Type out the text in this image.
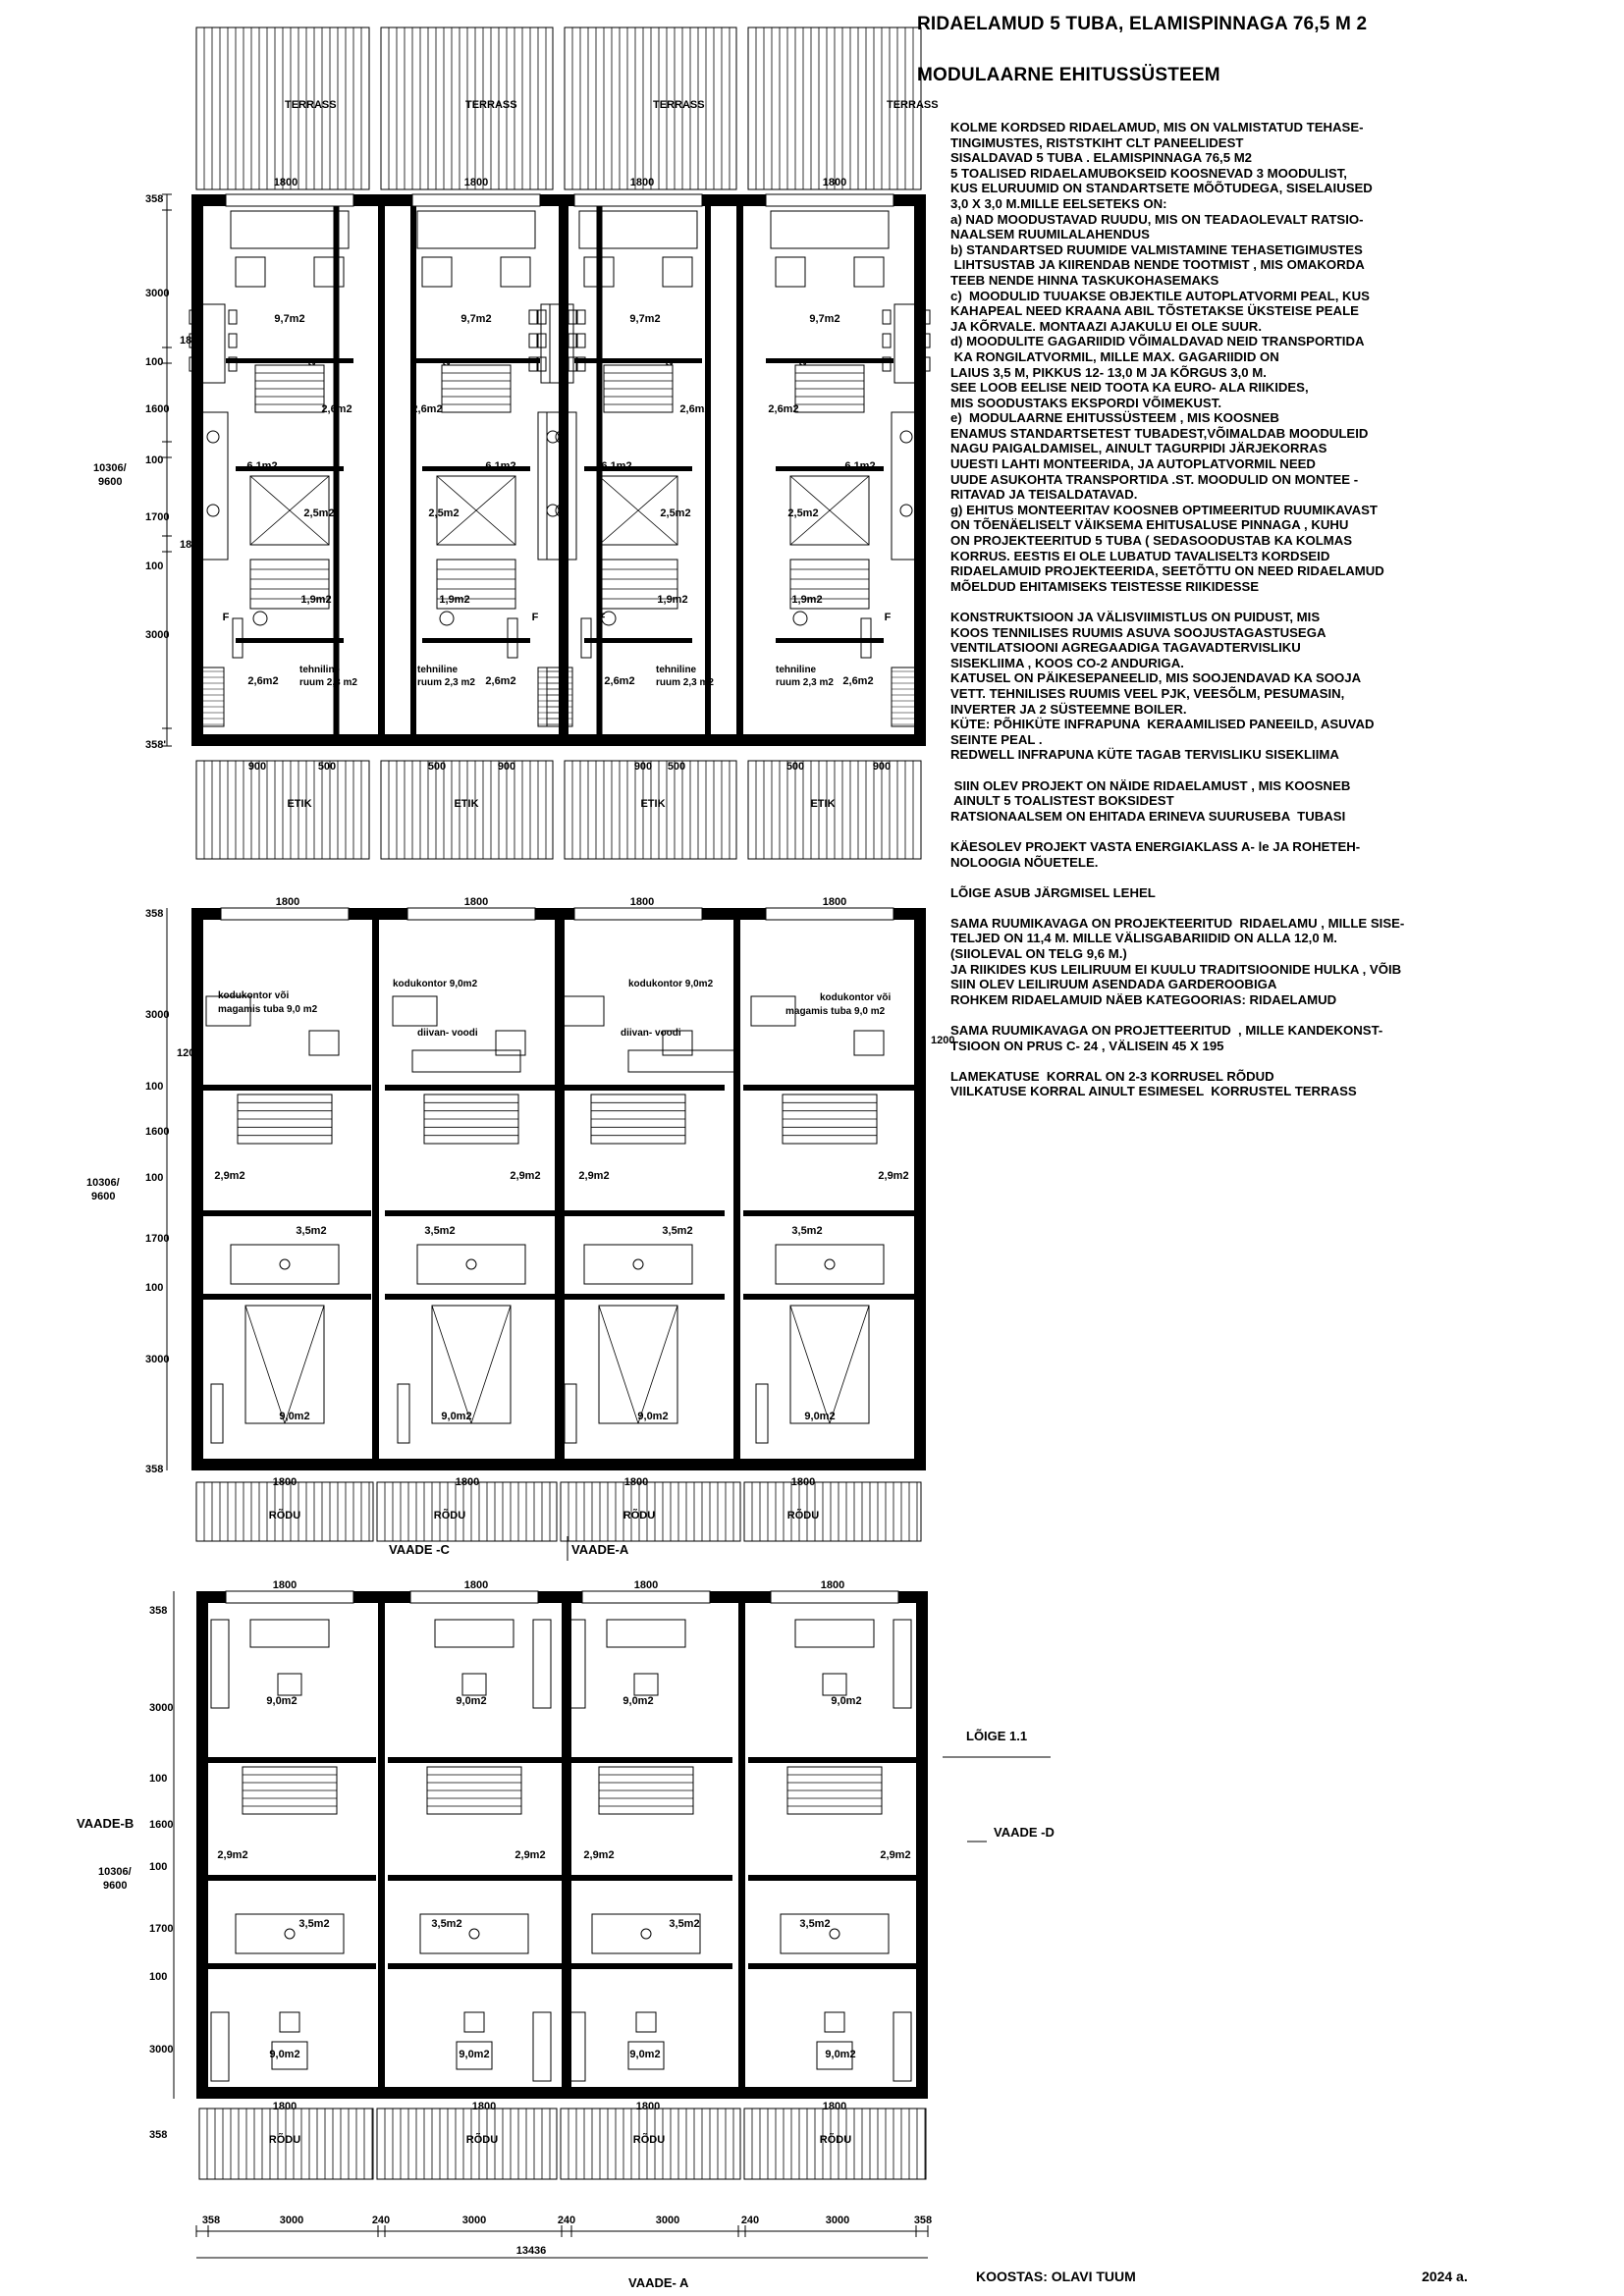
358
3000
100
1600
100
1700
100
3000
358'
10306/
9600
1800
1800
TERRASS	TERRASS	TERRASS	TERRASS
1800	1800	1800	1800
9,7m2	9,7m2	9,7m2	9,7m2
tv	tv	tv	tv
2,6m2	2,6m2	2,6m2	2,6m2
6,1m2	6,1m2	6,1m2	6,1m2
2,5m2	2,5m2	2,5m2	2,5m2
1,9m2	1,9m2	1,9m2	1,9m2
F	F	F	F
2,6m2	2,6m2	2,6m2	2,6m2
tehniline
ruum 2,3 m2
tehniline
ruum 2,3 m2
tehniline
ruum 2,3 m2
tehniline
ruum 2,3 m2
900	500	500	900	900 500	500	900
ETIK	ETIK	ETIK	ETIK
358
3000
100
1600
100
1700
100
3000
358
10306/
9600
1200
1200
1800	1800	1800	1800
kodukontor või
magamis tuba 9,0 m2
kodukontor või
magamis tuba 9,0 m2
kodukontor 9,0m2	kodukontor 9,0m2
diivan- voodi	diivan- voodi
2,9m2	2,9m2	2,9m2	2,9m2
3,5m2	3,5m2	3,5m2	3,5m2
9,0m2	9,0m2	9,0m2	9,0m2
1800	1800	1800	1800
RÕDU	RÕDU	RÕDU	RÕDU
VAADE -C	VAADE-A
LÕIGE 1.1
VAADE -D
VAADE-B
VAADE- A
358
3000
100
1600
100
1700
100
3000
358
10306/
9600
1800	1800	1800	1800
9,0m2	9,0m2	9,0m2	9,0m2
2,9m2	2,9m2	2,9m2	2,9m2
3,5m2	3,5m2	3,5m2	3,5m2
9,0m2	9,0m2	9,0m2	9,0m2
1800	1800	1800	1800
RÕDU	RÕDU	RÕDU	RÕDU
358	3000	240	3000	240	3000	240	3000	358
13436
RIDAELAMUD 5 TUBA, ELAMISPINNAGA 76,5 M 2
MODULAARNE EHITUSSÜSTEEM
KOLME KORDSED RIDAELAMUD, MIS ON VALMISTATUD TEHASE-
TINGIMUSTES, RISTSTKIHT CLT PANEELIDEST
SISALDAVAD 5 TUBA . ELAMISPINNAGA 76,5 M2
5 TOALISED RIDAELAMUBOKSEID KOOSNEVAD 3 MOODULIST,
KUS ELURUUMID ON STANDARTSETE MÕÕTUDEGA, SISELAIUSED
3,0 X 3,0 M.MILLE EELSETEKS ON:
a) NAD MOODUSTAVAD RUUDU, MIS ON TEADAOLEVALT RATSIO-
NAALSEM RUUMILALAHENDUS
b) STANDARTSED RUUMIDE VALMISTAMINE TEHASETIGIMUSTES
LIHTSUSTAB JA KIIRENDAB NENDE TOOTMIST , MIS OMAKORDA
TEEB NENDE HINNA TASKUKOHASEMAKS
c)  MOODULID TUUAKSE OBJEKTILE AUTOPLATVORMI PEAL, KUS
KAHAPEAL NEED KRAANA ABIL TÕSTETAKSE ÜKSTEISE PEALE
JA KÕRVALE. MONTAAZI AJAKULU EI OLE SUUR.
d) MOODULITE GAGARIIDID VÕIMALDAVAD NEID TRANSPORTIDA
KA RONGILATVORMIL, MILLE MAX. GAGARIIDID ON
LAIUS 3,5 M, PIKKUS 12- 13,0 M JA KÕRGUS 3,0 M.
SEE LOOB EELISE NEID TOOTA KA EURO- ALA RIIKIDES,
MIS SOODUSTAKS EKSPORDI VÕIMEKUST.
e)  MODULAARNE EHITUSSÜSTEEM , MIS KOOSNEB
ENAMUS STANDARTSETEST TUBADEST,VÕIMALDAB MOODULEID
NAGU PAIGALDAMISEL, AINULT TAGURPIDI JÄRJEKORRAS
UUESTI LAHTI MONTEERIDA, JA AUTOPLATVORMIL NEED
UUDE ASUKOHTA TRANSPORTIDA .ST. MOODULID ON MONTEE -
RITAVAD JA TEISALDATAVAD.
g) EHITUS MONTEERITAV KOOSNEB OPTIMEERITUD RUUMIKAVAST
ON TÕENÄELISELT VÄIKSEMA EHITUSALUSE PINNAGA , KUHU
ON PROJEKTEERITUD 5 TUBA ( SEDASOODUSTAB KA KOLMAS
KORRUS. EESTIS EI OLE LUBATUD TAVALISELT3 KORDSEID
RIDAELAMUID PROJEKTEERIDA, SEETÕTTU ON NEED RIDAELAMUD
MÕELDUD EHITAMISEKS TEISTESSE RIIKIDESSE
KONSTRUKTSIOON JA VÄLISVIIMISTLUS ON PUIDUST, MIS
KOOS TENNILISES RUUMIS ASUVA SOOJUSTAGASTUSEGA
VENTILATSIOONI AGREGAADIGA TAGAVADTERVISLIKU
SISEKLIIMA , KOOS CO-2 ANDURIGA.
KATUSEL ON PÄIKESEPANEELID, MIS SOOJENDAVAD KA SOOJA
VETT. TEHNILISES RUUMIS VEEL PJK, VEESÕLM, PESUMASIN,
INVERTER JA 2 SÜSTEEMNE BOILER.
KÜTE: PÕHIKÜTE INFRAPUNA  KERAAMILISED PANEEILD, ASUVAD
SEINTE PEAL .
REDWELL INFRAPUNA KÜTE TAGAB TERVISLIKU SISEKLIIMA
SIIN OLEV PROJEKT ON NÄIDE RIDAELAMUST , MIS KOOSNEB
AINULT 5 TOALISTEST BOKSIDEST
RATSIONAALSEM ON EHITADA ERINEVA SUURUSEBA  TUBASI
KÄESOLEV PROJEKT VASTA ENERGIAKLASS A- le JA ROHETEH-
NOLOOGIA NÕUETELE.
LÕIGE ASUB JÄRGMISEL LEHEL
SAMA RUUMIKAVAGA ON PROJEKTEERITUD  RIDAELAMU , MILLE SISE-
TELJED ON 11,4 M. MILLE VÄLISGABARIIDID ON ALLA 12,0 M.
(SIIOLEVAL ON TELG 9,6 M.)
JA RIIKIDES KUS LEILIRUUM EI KUULU TRADITSIOONIDE HULKA , VÕIB
SIIN OLEV LEILIRUUM ASENDADA GARDEROOBIGA
ROHKEM RIDAELAMUID NÄEB KATEGOORIAS: RIDAELAMUD
SAMA RUUMIKAVAGA ON PROJETTEERITUD  , MILLE KANDEKONST-
TSIOON ON PRUS C- 24 , VÄLISEIN 45 X 195
LAMEKATUSE  KORRAL ON 2-3 KORRUSEL RÕDUD
VIILKATUSE KORRAL AINULT ESIMESEL  KORRUSTEL TERRASS
KOOSTAS: OLAVI TUUM	2024 a.
